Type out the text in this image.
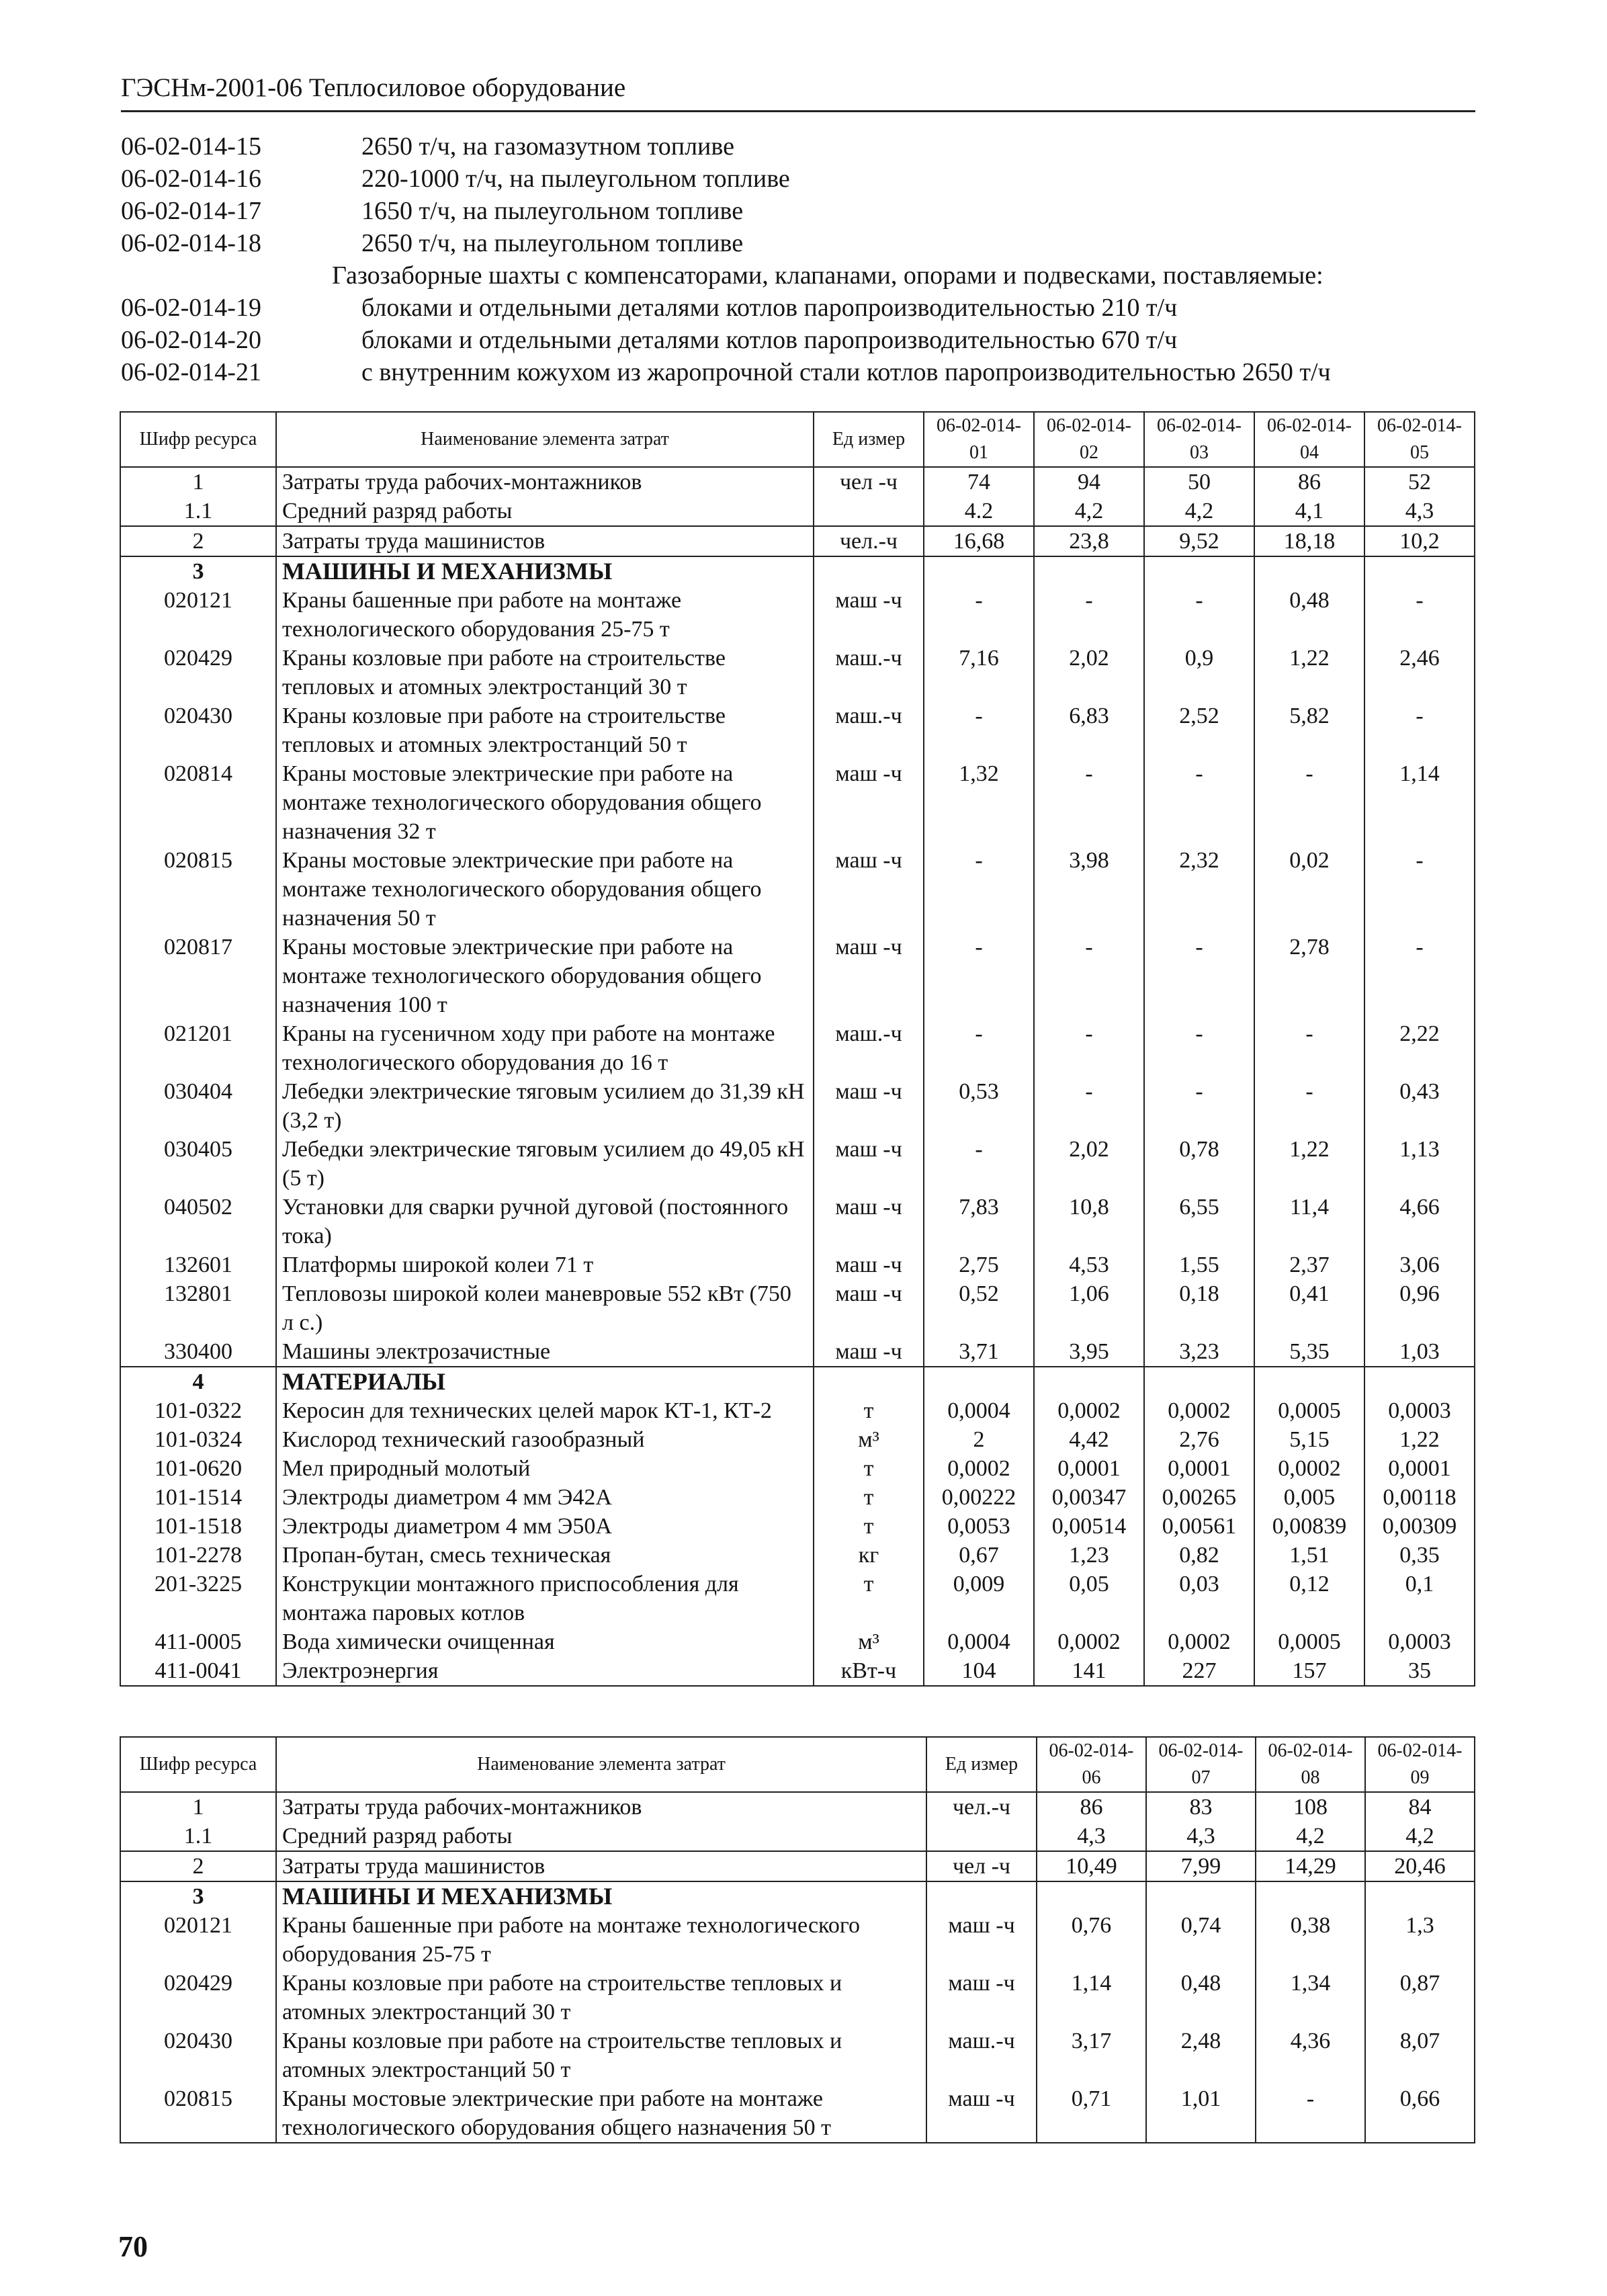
ГЭСНм-2001-06 Теплосиловое оборудование
06-02-014-15	2650 т/ч, на газомазутном топливе
06-02-014-16	220-1000 т/ч, на пылеугольном топливе
06-02-014-17	1650 т/ч, на пылеугольном топливе
06-02-014-18	2650 т/ч, на пылеугольном топливе
Газозаборные шахты с компенсаторами, клапанами, опорами и подвесками, поставляемые:
06-02-014-19	блоками и отдельными деталями котлов паропроизводительностью 210 т/ч
06-02-014-20	блоками и отдельными деталями котлов паропроизводительностью 670 т/ч
06-02-014-21	с внутренним кожухом из жаропрочной стали котлов паропроизводительностью 2650 т/ч
Шифр ресурса	Наименование элемента затрат	Ед измер	06-02-014-01	06-02-014-02	06-02-014-03	06-02-014-04	06-02-014-05
1	Затраты труда рабочих-монтажников	чел -ч	74	94	50	86	52
1.1	Средний разряд работы		4.2	4,2	4,2	4,1	4,3
2	Затраты труда машинистов	чел.-ч	16,68	23,8	9,52	18,18	10,2
3	МАШИНЫ И МЕХАНИЗМЫ						
020121	Краны башенные при работе на монтаже технологического оборудования 25-75 т	маш -ч	-	-	-	0,48	-
020429	Краны козловые при работе на строительстве тепловых и атомных электростанций 30 т	маш.-ч	7,16	2,02	0,9	1,22	2,46
020430	Краны козловые при работе на строительстве тепловых и атомных электростанций 50 т	маш.-ч	-	6,83	2,52	5,82	-
020814	Краны мостовые электрические при работе на монтаже технологического оборудования общего назначения 32 т	маш -ч	1,32	-	-	-	1,14
020815	Краны мостовые электрические при работе на монтаже технологического оборудования общего назначения 50 т	маш -ч	-	3,98	2,32	0,02	-
020817	Краны мостовые электрические при работе на монтаже технологического оборудования общего назначения 100 т	маш -ч	-	-	-	2,78	-
021201	Краны на гусеничном ходу при работе на монтаже технологического оборудования до 16 т	маш.-ч	-	-	-	-	2,22
030404	Лебедки электрические тяговым усилием до 31,39 кН (3,2 т)	маш -ч	0,53	-	-	-	0,43
030405	Лебедки электрические тяговым усилием до 49,05 кН (5 т)	маш -ч	-	2,02	0,78	1,22	1,13
040502	Установки для сварки ручной дуговой (постоянного тока)	маш -ч	7,83	10,8	6,55	11,4	4,66
132601	Платформы широкой колеи 71 т	маш -ч	2,75	4,53	1,55	2,37	3,06
132801	Тепловозы широкой колеи маневровые 552 кВт (750 л с.)	маш -ч	0,52	1,06	0,18	0,41	0,96
330400	Машины электрозачистные	маш -ч	3,71	3,95	3,23	5,35	1,03
4	МАТЕРИАЛЫ						
101-0322	Керосин для технических целей марок КТ-1, КТ-2	т	0,0004	0,0002	0,0002	0,0005	0,0003
101-0324	Кислород технический газообразный	м³	2	4,42	2,76	5,15	1,22
101-0620	Мел природный молотый	т	0,0002	0,0001	0,0001	0,0002	0,0001
101-1514	Электроды диаметром 4 мм Э42А	т	0,00222	0,00347	0,00265	0,005	0,00118
101-1518	Электроды диаметром 4 мм Э50А	т	0,0053	0,00514	0,00561	0,00839	0,00309
101-2278	Пропан-бутан, смесь техническая	кг	0,67	1,23	0,82	1,51	0,35
201-3225	Конструкции монтажного приспособления для монтажа паровых котлов	т	0,009	0,05	0,03	0,12	0,1
411-0005	Вода химически очищенная	м³	0,0004	0,0002	0,0002	0,0005	0,0003
411-0041	Электроэнергия	кВт-ч	104	141	227	157	35
Шифр ресурса	Наименование элемента затрат	Ед измер	06-02-014-06	06-02-014-07	06-02-014-08	06-02-014-09
1	Затраты труда рабочих-монтажников	чел.-ч	86	83	108	84
1.1	Средний разряд работы		4,3	4,3	4,2	4,2
2	Затраты труда машинистов	чел -ч	10,49	7,99	14,29	20,46
3	МАШИНЫ И МЕХАНИЗМЫ					
020121	Краны башенные при работе на монтаже технологического оборудования 25-75 т	маш -ч	0,76	0,74	0,38	1,3
020429	Краны козловые при работе на строительстве тепловых и атомных электростанций 30 т	маш -ч	1,14	0,48	1,34	0,87
020430	Краны козловые при работе на строительстве тепловых и атомных электростанций 50 т	маш.-ч	3,17	2,48	4,36	8,07
020815	Краны мостовые электрические при работе на монтаже технологического оборудования общего назначения 50 т	маш -ч	0,71	1,01	-	0,66
70
